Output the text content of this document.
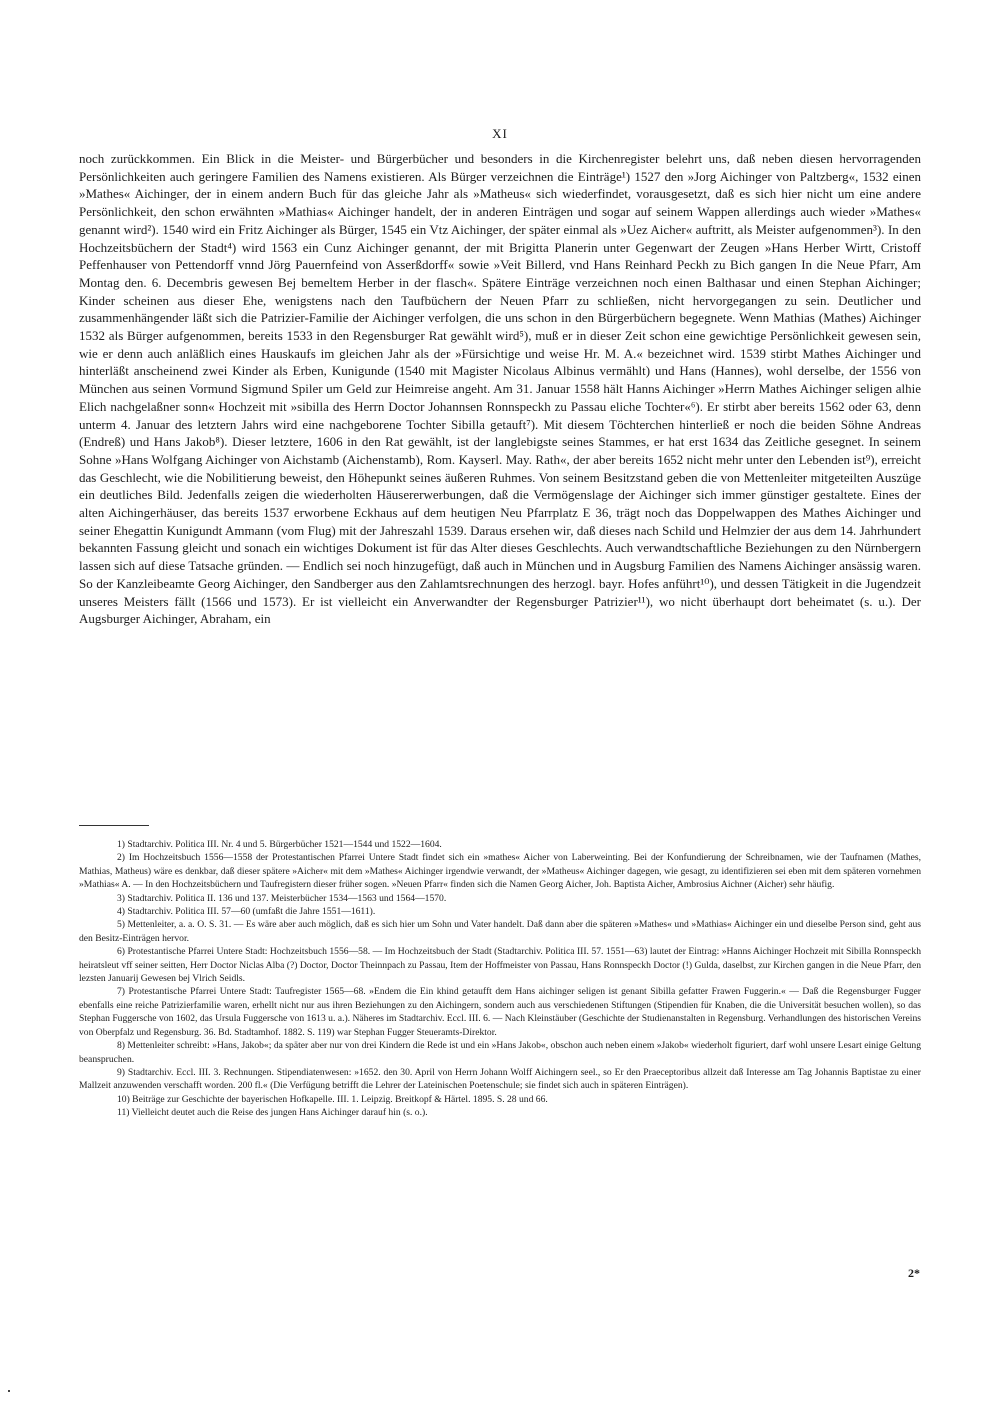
XI

noch zurückkommen. Ein Blick in die Meister- und Bürgerbücher und besonders in die Kirchenregister belehrt uns, daß neben diesen hervorragenden Persönlichkeiten auch geringere Familien des Namens existieren. Als Bürger verzeichnen die Einträge¹) 1527 den »Jorg Aichinger von Paltzberg«, 1532 einen »Mathes« Aichinger, der in einem andern Buch für das gleiche Jahr als »Matheus« sich wiederfindet, vorausgesetzt, daß es sich hier nicht um eine andere Persönlichkeit, den schon erwähnten »Mathias« Aichinger handelt, der in anderen Einträgen und sogar auf seinem Wappen allerdings auch wieder »Mathes« genannt wird²). 1540 wird ein Fritz Aichinger als Bürger, 1545 ein Vtz Aichinger, der später einmal als »Uez Aicher« auftritt, als Meister aufgenommen³). In den Hochzeitsbüchern der Stadt⁴) wird 1563 ein Cunz Aichinger genannt, der mit Brigitta Planerin unter Gegenwart der Zeugen »Hans Herber Wirtt, Cristoff Peffenhauser von Pettendorff vnnd Jörg Pauernfeind von Asserßdorff« sowie »Veit Billerd, vnd Hans Reinhard Peckh zu Bich gangen In die Neue Pfarr, Am Montag den. 6. Decembris gewesen Bej bemeltem Herber in der flasch«. Spätere Einträge verzeichnen noch einen Balthasar und einen Stephan Aichinger; Kinder scheinen aus dieser Ehe, wenigstens nach den Taufbüchern der Neuen Pfarr zu schließen, nicht hervorgegangen zu sein. Deutlicher und zusammenhängender läßt sich die Patrizier-Familie der Aichinger verfolgen, die uns schon in den Bürgerbüchern begegnete. Wenn Mathias (Mathes) Aichinger 1532 als Bürger aufgenommen, bereits 1533 in den Regensburger Rat gewählt wird⁵), muß er in dieser Zeit schon eine gewichtige Persönlichkeit gewesen sein, wie er denn auch anläßlich eines Hauskaufs im gleichen Jahr als der »Fürsichtige und weise Hr. M. A.« bezeichnet wird. 1539 stirbt Mathes Aichinger und hinterläßt anscheinend zwei Kinder als Erben, Kunigunde (1540 mit Magister Nicolaus Albinus vermählt) und Hans (Hannes), wohl derselbe, der 1556 von München aus seinen Vormund Sigmund Spiler um Geld zur Heimreise angeht. Am 31. Januar 1558 hält Hanns Aichinger »Herrn Mathes Aichinger seligen alhie Elich nachgelaßner sonn« Hochzeit mit »sibilla des Herrn Doctor Johannsen Ronnspeckh zu Passau eliche Tochter«⁶). Er stirbt aber bereits 1562 oder 63, denn unterm 4. Januar des letztern Jahrs wird eine nachgeborene Tochter Sibilla getauft⁷). Mit diesem Töchterchen hinterließ er noch die beiden Söhne Andreas (Endreß) und Hans Jakob⁸). Dieser letztere, 1606 in den Rat gewählt, ist der langlebigste seines Stammes, er hat erst 1634 das Zeitliche gesegnet. In seinem Sohne »Hans Wolfgang Aichinger von Aichstamb (Aichenstamb), Rom. Kayserl. May. Rath«, der aber bereits 1652 nicht mehr unter den Lebenden ist⁹), erreicht das Geschlecht, wie die Nobilitierung beweist, den Höhepunkt seines äußeren Ruhmes. Von seinem Besitzstand geben die von Mettenleiter mitgeteilten Auszüge ein deutliches Bild. Jedenfalls zeigen die wiederholten Häusererwerbungen, daß die Vermögenslage der Aichinger sich immer günstiger gestaltete. Eines der alten Aichingerhäuser, das bereits 1537 erworbene Eckhaus auf dem heutigen Neu Pfarrplatz E 36, trägt noch das Doppelwappen des Mathes Aichinger und seiner Ehegattin Kunigundt Ammann (vom Flug) mit der Jahreszahl 1539. Daraus ersehen wir, daß dieses nach Schild und Helmzier der aus dem 14. Jahrhundert bekannten Fassung gleicht und sonach ein wichtiges Dokument ist für das Alter dieses Geschlechts. Auch verwandtschaftliche Beziehungen zu den Nürnbergern lassen sich auf diese Tatsache gründen. — Endlich sei noch hinzugefügt, daß auch in München und in Augsburg Familien des Namens Aichinger ansässig waren. So der Kanzleibeamte Georg Aichinger, den Sandberger aus den Zahlamtsrechnungen des herzogl. bayr. Hofes anführt¹⁰), und dessen Tätigkeit in die Jugendzeit unseres Meisters fällt (1566 und 1573). Er ist vielleicht ein Anverwandter der Regensburger Patrizier¹¹), wo nicht überhaupt dort beheimatet (s. u.). Der Augsburger Aichinger, Abraham, ein

1) Stadtarchiv. Politica III. Nr. 4 und 5. Bürgerbücher 1521—1544 und 1522—1604.

2) Im Hochzeitsbuch 1556—1558 der Protestantischen Pfarrei Untere Stadt findet sich ein »mathes« Aicher von Laberweinting. Bei der Konfundierung der Schreibnamen, wie der Taufnamen (Mathes, Mathias, Matheus) wäre es denkbar, daß dieser spätere »Aicher« mit dem »Mathes« Aichinger irgendwie verwandt, der »Matheus« Aichinger dagegen, wie gesagt, zu identifizieren sei eben mit dem späteren vornehmen »Mathias« A. — In den Hochzeitsbüchern und Taufregistern dieser früher sogen. »Neuen Pfarr« finden sich die Namen Georg Aicher, Joh. Baptista Aicher, Ambrosius Aichner (Aicher) sehr häufig.

3) Stadtarchiv. Politica II. 136 und 137. Meisterbücher 1534—1563 und 1564—1570.

4) Stadtarchiv. Politica III. 57—60 (umfaßt die Jahre 1551—1611).

5) Mettenleiter, a. a. O. S. 31. — Es wäre aber auch möglich, daß es sich hier um Sohn und Vater handelt. Daß dann aber die späteren »Mathes« und »Mathias« Aichinger ein und dieselbe Person sind, geht aus den Besitz-Einträgen hervor.

6) Protestantische Pfarrei Untere Stadt: Hochzeitsbuch 1556—58. — Im Hochzeitsbuch der Stadt (Stadtarchiv. Politica III. 57. 1551—63) lautet der Eintrag: »Hanns Aichinger Hochzeit mit Sibilla Ronnspeckh heiratsleut vff seiner seitten, Herr Doctor Niclas Alba (?) Doctor, Doctor Theinnpach zu Passau, Item der Hoffmeister von Passau, Hans Ronnspeckh Doctor (!) Gulda, daselbst, zur Kirchen gangen in die Neue Pfarr, den lezsten Januarij Gewesen bej Vlrich Seidls.

7) Protestantische Pfarrei Untere Stadt: Taufregister 1565—68. »Endem die Ein khind getaufft dem Hans aichinger seligen ist genant Sibilla gefatter Frawen Fuggerin.« — Daß die Regensburger Fugger ebenfalls eine reiche Patrizierfamilie waren, erhellt nicht nur aus ihren Beziehungen zu den Aichingern, sondern auch aus verschiedenen Stiftungen (Stipendien für Knaben, die die Universität besuchen wollen), so das Stephan Fuggersche von 1602, das Ursula Fuggersche von 1613 u. a.). Näheres im Stadtarchiv. Eccl. III. 6. — Nach Kleinstäuber (Geschichte der Studienanstalten in Regensburg. Verhandlungen des historischen Vereins von Oberpfalz und Regensburg. 36. Bd. Stadtamhof. 1882. S. 119) war Stephan Fugger Steueramts-Direktor.

8) Mettenleiter schreibt: »Hans, Jakob«; da später aber nur von drei Kindern die Rede ist und ein »Hans Jakob«, obschon auch neben einem »Jakob« wiederholt figuriert, darf wohl unsere Lesart einige Geltung beanspruchen.

9) Stadtarchiv. Eccl. III. 3. Rechnungen. Stipendiatenwesen: »1652. den 30. April von Herrn Johann Wolff Aichingern seel., so Er den Praeceptoribus allzeit daß Interesse am Tag Johannis Baptistae zu einer Mallzeit anzuwenden verschafft worden. 200 fl.« (Die Verfügung betrifft die Lehrer der Lateinischen Poetenschule; sie findet sich auch in späteren Einträgen).

10) Beiträge zur Geschichte der bayerischen Hofkapelle. III. 1. Leipzig. Breitkopf & Härtel. 1895. S. 28 und 66.

11) Vielleicht deutet auch die Reise des jungen Hans Aichinger darauf hin (s. o.).

2*
